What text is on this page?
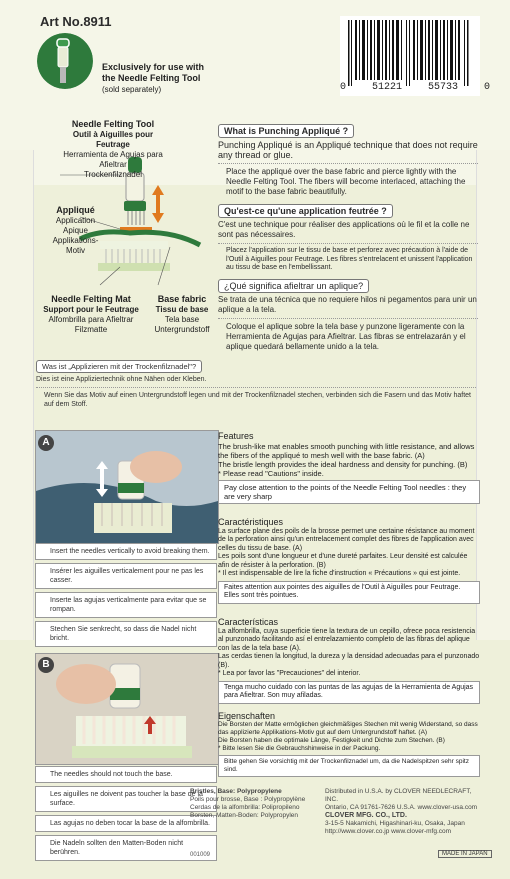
Art No.8911
Exclusively for use with
the Needle Felting Tool
(sold separately)	0	51221	55733	0
Needle Felting Tool
Outil à Aiguilles pour Feutrage
Herramienta de Agujas para Afieltrar
Trockenfilznadel
Appliqué
Application
Apique
Applikations-Motiv
Needle Felting Mat
Support pour le Feutrage
Alfombrilla para Afieltrar
Filzmatte
Base fabric
Tissu de base
Tela base
Untergrundstoff
What is Punching Appliqué ?
Punching Appliqué is an Appliqué technique that does not require any thread or glue.
Place the appliqué over the base fabric and pierce lightly with the Needle Felting Tool. The fibers will become interlaced, attaching the motif to the base fabric beautifully.
Qu'est-ce qu'une application feutrée ?
C'est une technique pour réaliser des applications où le fil et la colle ne sont pas nécessaires.
Placez l'application sur le tissu de base et perforez avec précaution à l'aide de l'Outil à Aiguilles pour Feutrage. Les fibres s'entrelacent et unissent l'application au tissu de base en l'embellissant.
¿Qué significa afieltrar un aplique?
Se trata de una técnica que no requiere hilos ni pegamentos para unir un aplique a la tela.
Coloque el aplique sobre la tela base y punzone ligeramente con la Herramienta de Agujas para Afieltrar. Las fibras se entrelazarán y el aplique quedará bellamente unido a la tela.
Was ist „Applizieren mit der Trockenfilznadel"?
Dies ist eine Appliziertechnik ohne Nähen oder Kleben.
Wenn Sie das Motiv auf einen Untergrundstoff legen und mit der Trockenfilznadel stechen, verbinden sich die Fasern und das Motiv haftet auf dem Stoff.
A
Insert the needles vertically to avoid breaking them.
Insérer les aiguilles verticalement pour ne pas les casser.
Inserte las agujas verticalmente para evitar que se rompan.
Stechen Sie senkrecht, so dass die Nadel nicht bricht.
B
The needles should not touch the base.
Les aiguilles ne doivent pas toucher la base de la surface.
Las agujas no deben tocar la base de la alfombrilla.
Die Nadeln sollten den Matten-Boden nicht berühren.
Features
The brush-like mat enables smooth punching with little resistance, and allows the fibers of the appliqué to mesh well with the base fabric. (A)
The bristle length provides the ideal hardness and density for punching. (B)
* Please read "Cautions" inside.
Pay close attention to the points of the Needle Felting Tool needles : they are very sharp
Caractéristiques
La surface plane des poils de la brosse permet une certaine résistance au moment de la perforation ainsi qu'un entrelacement complet des fibres de l'application avec celles du tissu de base. (A)
Les poils sont d'une longueur et d'une dureté parfaites. Leur densité est calculée afin de résister à la perforation. (B)
* Il est indispensable de lire la fiche d'instruction « Précautions » qui est jointe.
Faites attention aux pointes des aiguilles de l'Outil à Aiguilles pour Feutrage. Elles sont très pointues.
Características
La alfombrilla, cuya superficie tiene la textura de un cepillo, ofrece poca resistencia al punzonado facilitando así el entrelazamiento completo de las fibras del aplique con las de la tela base (A).
Las cerdas tienen la longitud, la dureza y la densidad adecuadas para el punzonado (B).
* Lea por favor las "Precauciones" del interior.
Tenga mucho cuidado con las puntas de las agujas de la Herramienta de Agujas para Afieltrar. Son muy afiladas.
Eigenschaften
Die Borsten der Matte ermöglichen gleichmäßiges Stechen mit wenig Widerstand, so dass das applizierte Applikations-Motiv gut auf dem Untergrundstoff haftet. (A)
Die Borsten haben die optimale Länge, Festigkeit und Dichte zum Stechen. (B)
* Bitte lesen Sie die Gebrauchshinweise in der Packung.
Bitte gehen Sie vorsichtig mit der Trockenfilznadel um, da die Nadelspitzen sehr spitz sind.
Bristles, Base: Polypropylene
Poils pour brosse, Base : Polypropylène
Cerdas de la alfombrilla: Polipropileno
Borsten, Matten-Boden: Polypropylen
Distributed in U.S.A. by CLOVER NEEDLECRAFT, INC.
Ontario, CA 91761-7626 U.S.A. www.clover-usa.com
CLOVER MFG. CO., LTD.
3-15-5 Nakamichi, Higashinari-ku, Osaka, Japan
http://www.clover.co.jp www.clover-mfg.com
001009	MADE IN JAPAN
